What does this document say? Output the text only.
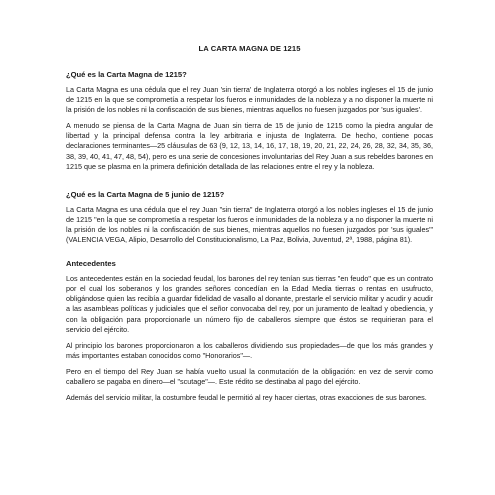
LA CARTA MAGNA DE 1215
¿Qué es la Carta Magna de 1215?

La Carta Magna es una cédula que el rey Juan 'sin tierra' de Inglaterra otorgó a los nobles ingleses el 15 de junio de 1215 en la que se comprometía a respetar los fueros e inmunidades de la nobleza y a no disponer la muerte ni la prisión de los nobles ni la confiscación de sus bienes, mientras aquellos no fuesen juzgados por 'sus iguales'.

A menudo se piensa de la Carta Magna de Juan sin tierra de 15 de junio de 1215 como la piedra angular de libertad y la principal defensa contra la ley arbitraria e injusta de Inglaterra. De hecho, contiene pocas declaraciones terminantes—25 cláusulas de 63 (9, 12, 13, 14, 16, 17, 18, 19, 20, 21, 22, 24, 26, 28, 32, 34, 35, 36, 38, 39, 40, 41, 47, 48, 54), pero es una serie de concesiones involuntarias del Rey Juan a sus rebeldes barones en 1215 que se plasma en la primera definición detallada de las relaciones entre el rey y la nobleza.

¿Qué es la Carta Magna de 5 junio de 1215?

La Carta Magna es una cédula que el rey Juan "sin tierra" de Inglaterra otorgó a los nobles ingleses el 15 de junio de 1215 "en la que se comprometía a respetar los fueros e inmunidades de la nobleza y a no disponer la muerte ni la prisión de los nobles ni la confiscación de sus bienes, mientras aquellos no fuesen juzgados por 'sus iguales'" (VALENCIA VEGA, Alipio, Desarrollo del Constitucionalismo, La Paz, Bolivia, Juventud, 2ª, 1988, página 81).

Antecedentes

Los antecedentes están en la sociedad feudal, los barones del rey tenían sus tierras "en feudo" que es un contrato por el cual los soberanos y los grandes señores concedían en la Edad Media tierras o rentas en usufructo, obligándose quien las recibía a guardar fidelidad de vasallo al donante, prestarle el servicio militar y acudir y acudir a las asambleas políticas y judiciales que el señor convocaba del rey, por un juramento de lealtad y obediencia, y con la obligación para proporcionarle un número fijo de caballeros siempre que éstos se requirieran para el servicio del ejército.

Al principio los barones proporcionaron a los caballeros dividiendo sus propiedades—de que los más grandes y más importantes estaban conocidos como "Honorarios"—.

Pero en el tiempo del Rey Juan se había vuelto usual la conmutación de la obligación: en vez de servir como caballero se pagaba en dinero—el "scutage"—. Este rédito se destinaba al pago del ejército.

Además del servicio militar, la costumbre feudal le permitió al rey hacer ciertas, otras exacciones de sus barones.
